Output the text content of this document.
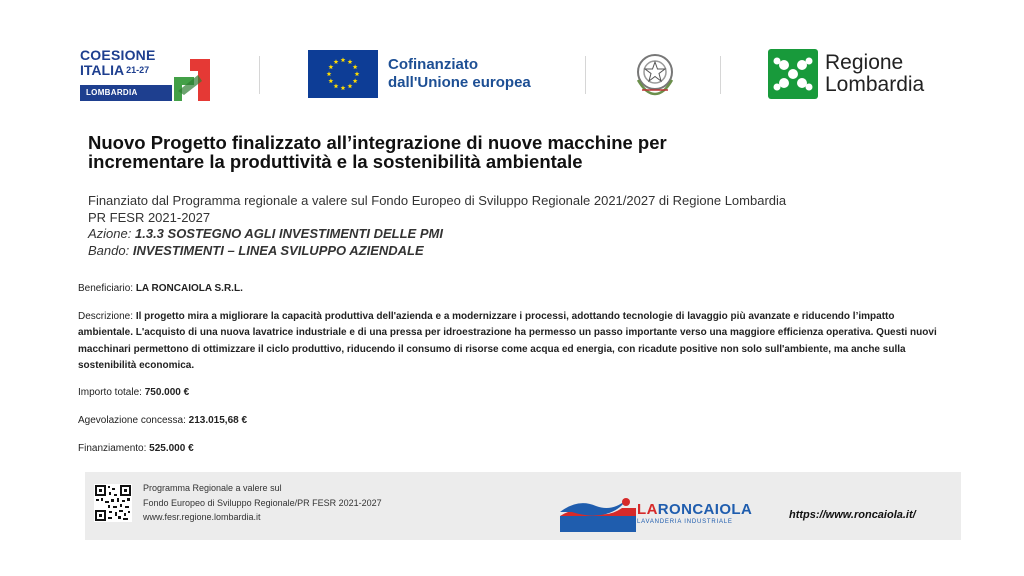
COESIONE
ITALIA $^{21-27}$
LOMBARDIA
Cofinanziato
dall'Unione europea
Regione
Lombardia
Nuovo Progetto finalizzato all’integrazione di nuove macchine per
incrementare la produttività e la sostenibilità ambientale
Finanziato dal Programma regionale a valere sul Fondo Europeo di Sviluppo Regionale 2021/2027 di Regione Lombardia
PR FESR 2021-2027
Azione: 1.3.3 SOSTEGNO AGLI INVESTIMENTI DELLE PMI
Bando: INVESTIMENTI – LINEA SVILUPPO AZIENDALE
Beneficiario: LA RONCAIOLA S.R.L.
Descrizione: Il progetto mira a migliorare la capacità produttiva dell'azienda e a modernizzare i processi, adottando tecnologie di lavaggio più avanzate e riducendo l’impatto ambientale. L'acquisto di una nuova lavatrice industriale e di una pressa per idroestrazione ha permesso un passo importante verso una maggiore efficienza operativa. Questi nuovi macchinari permettono di ottimizzare il ciclo produttivo, riducendo il consumo di risorse come acqua ed energia, con ricadute positive non solo sull'ambiente, ma anche sulla sostenibilità economica.
Importo totale: 750.000 €
Agevolazione concessa: 213.015,68 €
Finanziamento: 525.000 €
Programma Regionale a valere sul
Fondo Europeo di Sviluppo Regionale/PR FESR 2021-2027
www.fesr.regione.lombardia.it	LARONCAIOLA
LAVANDERIA INDUSTRIALE
https://www.roncaiola.it/
